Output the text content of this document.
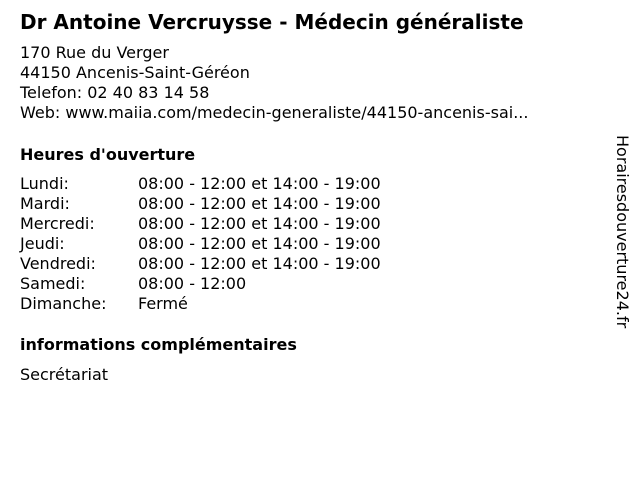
Dr Antoine Vercruysse - Médecin généraliste
170 Rue du Verger
44150 Ancenis-Saint-Géréon
Telefon: 02 40 83 14 58
Web: www.maiia.com/medecin-generaliste/44150-ancenis-sai...
Heures d'ouverture
Lundi:	08:00 - 12:00 et 14:00 - 19:00
Mardi:	08:00 - 12:00 et 14:00 - 19:00
Mercredi:	08:00 - 12:00 et 14:00 - 19:00
Jeudi:	08:00 - 12:00 et 14:00 - 19:00
Vendredi:	08:00 - 12:00 et 14:00 - 19:00
Samedi:	08:00 - 12:00
Dimanche:	Fermé
informations complémentaires
Secrétariat
Horairesdouverture24.fr
